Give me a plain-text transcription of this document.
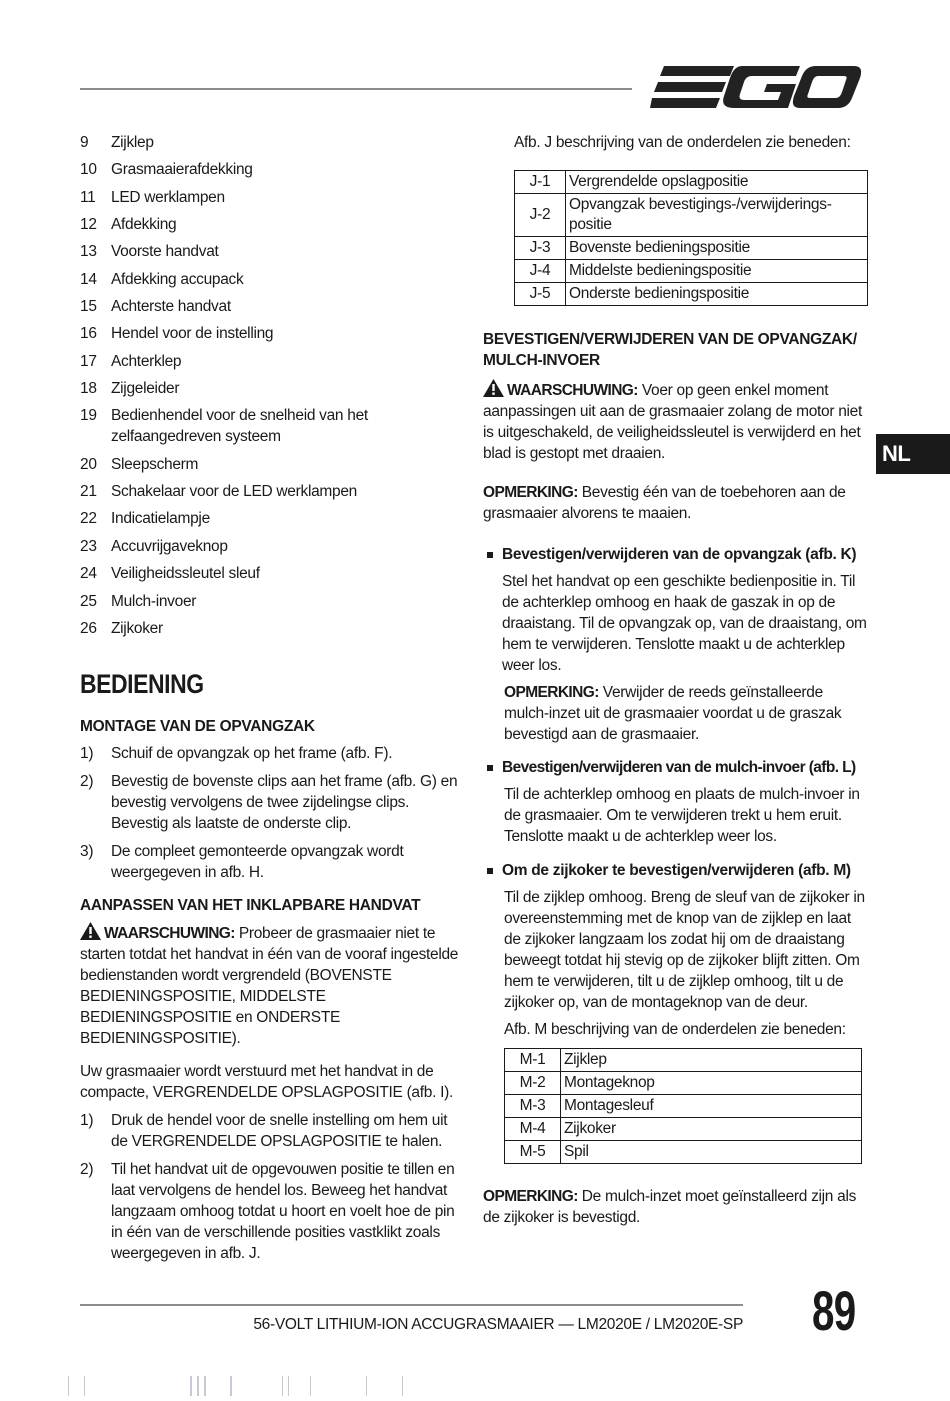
NL
9	Zijklep
10 Grasmaaierafdekking
11	LED werklampen
12 Afdekking
13 Voorste handvat
14 Afdekking accupack
15 Achterste handvat
16 Hendel voor de instelling
17 Achterklep
18 Zijgeleider
19 Bedienhendel voor de snelheid van het zelfaangedreven systeem
20 Sleepscherm
21 Schakelaar voor de LED werklampen
22 Indicatielampje
23 Accuvrijgaveknop
24 Veiligheidssleutel sleuf
25 Mulch-invoer
26 Zijkoker
BEDIENING
MONTAGE VAN DE OPVANGZAK
1)	Schuif de opvangzak op het frame (afb. F).
2)	Bevestig de bovenste clips aan het frame (afb. G) en bevestig vervolgens de twee zijdelingse clips. Bevestig als laatste de onderste clip.
3)	De compleet gemonteerde opvangzak wordt weergegeven in afb. H.
AANPASSEN VAN HET INKLAPBARE HANDVAT

WAARSCHUWING: Probeer de grasmaaier niet te starten totdat het handvat in één van de vooraf ingestelde bedienstanden wordt vergrendeld (BOVENSTE BEDIENINGSPOSITIE, MIDDELSTE BEDIENINGSPOSITIE en ONDERSTE BEDIENINGSPOSITIE).

Uw grasmaaier wordt verstuurd met het handvat in de compacte, VERGRENDELDE OPSLAGPOSITIE (afb. I).

1)	Druk de hendel voor de snelle instelling om hem uit de VERGRENDELDE OPSLAGPOSITIE te halen.
2)	Til het handvat uit de opgevouwen positie te tillen en laat vervolgens de hendel los. Beweeg het handvat langzaam omhoog totdat u hoort en voelt hoe de pin in één van de verschillende posities vastklikt zoals weergegeven in afb. J.

Afb. J beschrijving van de onderdelen zie beneden:

J-1	Vergrendelde opslagpositie
J-2	Opvangzak bevestigings-/verwijderings-positie
J-3	Bovenste bedieningspositie
J-4	Middelste bedieningspositie
J-5	Onderste bedieningspositie
BEVESTIGEN/VERWIJDEREN VAN DE OPVANGZAK/ MULCH-INVOER

WAARSCHUWING: Voer op geen enkel moment aanpassingen uit aan de grasmaaier zolang de motor niet is uitgeschakeld, de veiligheidssleutel is verwijderd en het blad is gestopt met draaien.

OPMERKING: Bevestig één van de toebehoren aan de grasmaaier alvorens te maaien.

Bevestigen/verwijderen van de opvangzak (afb. K)

Stel het handvat op een geschikte bedienpositie in. Til de achterklep omhoog en haak de gaszak in op de draaistang. Til de opvangzak op, van de draaistang, om hem te verwijderen. Tenslotte maakt u de achterklep weer los.

OPMERKING: Verwijder de reeds geïnstalleerde mulch-inzet uit de grasmaaier voordat u de graszak bevestigd aan de grasmaaier.

Bevestigen/verwijderen van de mulch-invoer (afb. L)

Til de achterklep omhoog en plaats de mulch-invoer in de grasmaaier. Om te verwijderen trekt u hem eruit. Tenslotte maakt u de achterklep weer los.

Om de zijkoker te bevestigen/verwijderen (afb. M)

Til de zijklep omhoog. Breng de sleuf van de zijkoker in overeenstemming met de knop van de zijklep en laat de zijkoker langzaam los zodat hij om de draaistang beweegt totdat hij stevig op de zijkoker blijft zitten. Om hem te verwijderen, tilt u de zijklep omhoog, tilt u de zijkoker op, van de montageknop van de deur.

Afb. M beschrijving van de onderdelen zie beneden:

M-1	Zijklep
M-2	Montageknop
M-3	Montagesleuf
M-4	Zijkoker
M-5	Spil

OPMERKING: De mulch-inzet moet geïnstalleerd zijn als de zijkoker is bevestigd.

56-VOLT LITHIUM-ION ACCUGRASMAAIER — LM2020E / LM2020E-SP 89
